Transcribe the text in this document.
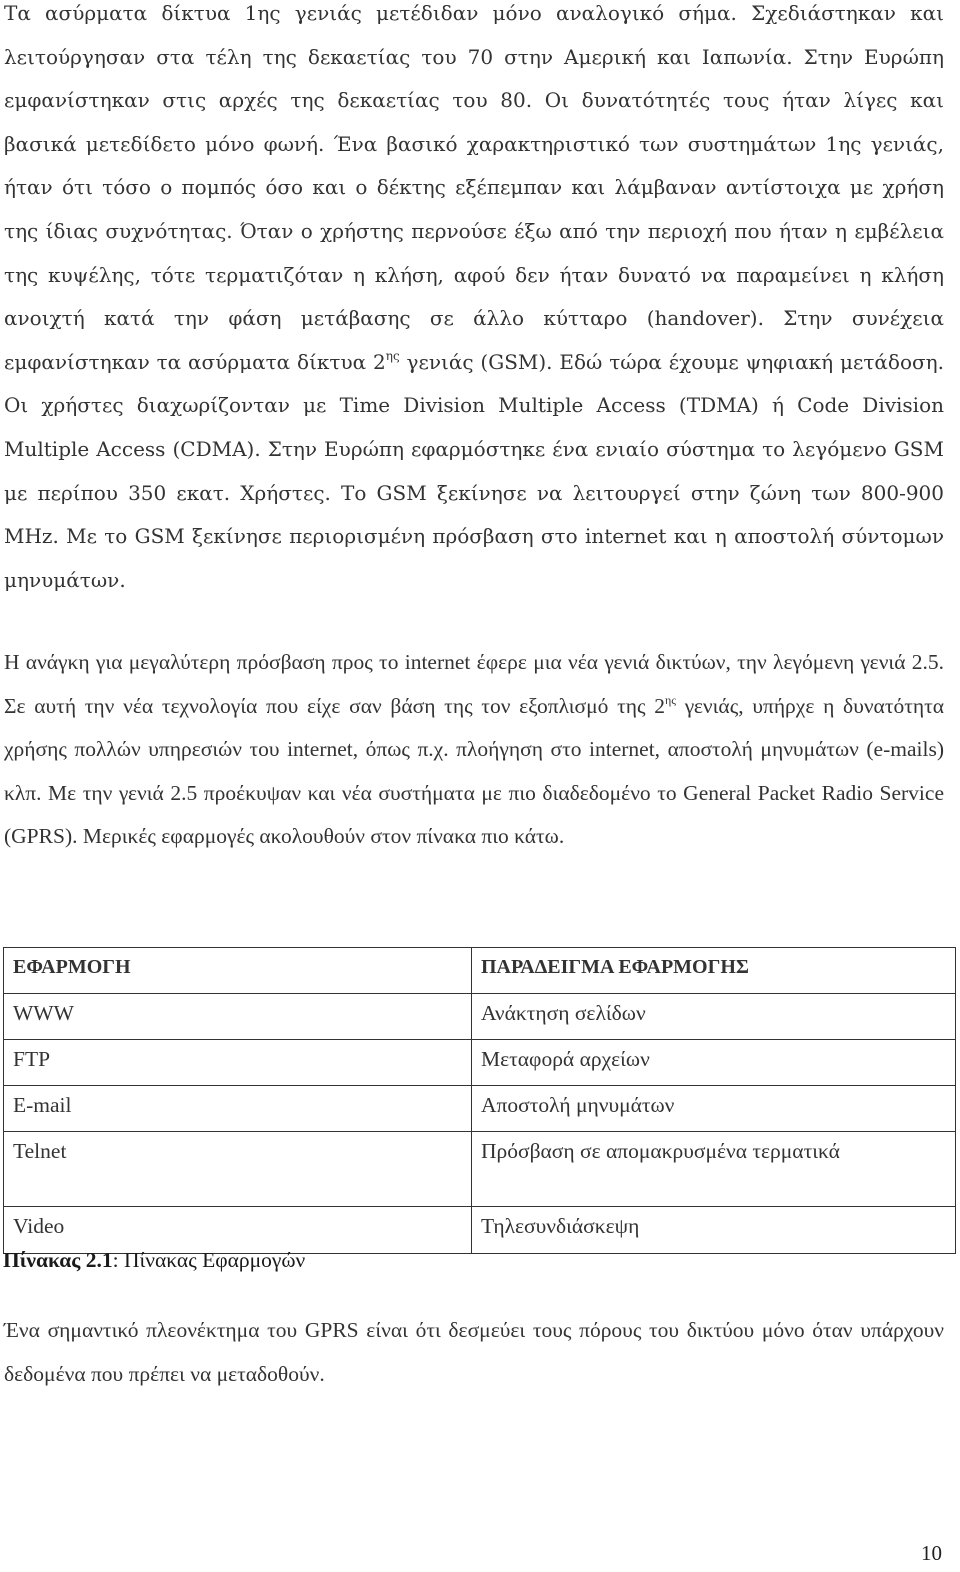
Τα ασύρματα δίκτυα 1ης γενιάς μετέδιδαν μόνο αναλογικό σήμα. Σχεδιάστηκαν και λειτούργησαν στα τέλη της δεκαετίας του 70 στην Αμερική και Ιαπωνία. Στην Ευρώπη εμφανίστηκαν στις αρχές της δεκαετίας του 80. Οι δυνατότητές τους ήταν λίγες και βασικά μετεδίδετο μόνο φωνή. Ένα βασικό χαρακτηριστικό των συστημάτων 1ης γενιάς, ήταν ότι τόσο ο πομπός όσο και ο δέκτης εξέπεμπαν και λάμβαναν αντίστοιχα με χρήση της ίδιας συχνότητας. Όταν ο χρήστης περνούσε έξω από την περιοχή που ήταν η εμβέλεια της κυψέλης, τότε τερματιζόταν η κλήση, αφού δεν ήταν δυνατό να παραμείνει η κλήση ανοιχτή κατά την φάση μετάβασης σε άλλο κύτταρο (handover). Στην συνέχεια εμφανίστηκαν τα ασύρματα δίκτυα $2^{\eta\varsigma}$ γενιάς (GSM). Εδώ τώρα έχουμε ψηφιακή μετάδοση. Οι χρήστες διαχωρίζονταν με Time Division Multiple Access (TDMA) ή Code Division Multiple Access (CDMA). Στην Ευρώπη εφαρμόστηκε ένα ενιαίο σύστημα το λεγόμενο GSM με περίπου 350 εκατ. Χρήστες. Το GSM ξεκίνησε να λειτουργεί στην ζώνη των 800-900 MHz. Με το GSM ξεκίνησε περιορισμένη πρόσβαση στο internet και η αποστολή σύντομων μηνυμάτων.

Η ανάγκη για μεγαλύτερη πρόσβαση προς το internet έφερε μια νέα γενιά δικτύων, την λεγόμενη γενιά 2.5. Σε αυτή την νέα τεχνολογία που είχε σαν βάση της τον εξοπλισμό της $2^{\eta\varsigma}$ γενιάς, υπήρχε η δυνατότητα χρήσης πολλών υπηρεσιών του internet, όπως π.χ. πλοήγηση στο internet, αποστολή μηνυμάτων (e-mails) κλπ. Με την γενιά 2.5 προέκυψαν και νέα συστήματα με πιο διαδεδομένο το General Packet Radio Service (GPRS). Μερικές εφαρμογές ακολουθούν στον πίνακα πιο κάτω.

ΕΦΑΡΜΟΓΗ	ΠΑΡΑΔΕΙΓΜΑ ΕΦΑΡΜΟΓΗΣ
WWW	Ανάκτηση σελίδων
FTP	Μεταφορά αρχείων
E-mail	Αποστολή μηνυμάτων
Telnet	Πρόσβαση σε απομακρυσμένα τερματικά
Video	Τηλεσυνδιάσκεψη
Πίνακας 2.1: Πίνακας Εφαρμογών

Ένα σημαντικό πλεονέκτημα του GPRS είναι ότι δεσμεύει τους πόρους του δικτύου μόνο όταν υπάρχουν δεδομένα που πρέπει να μεταδοθούν.

10
